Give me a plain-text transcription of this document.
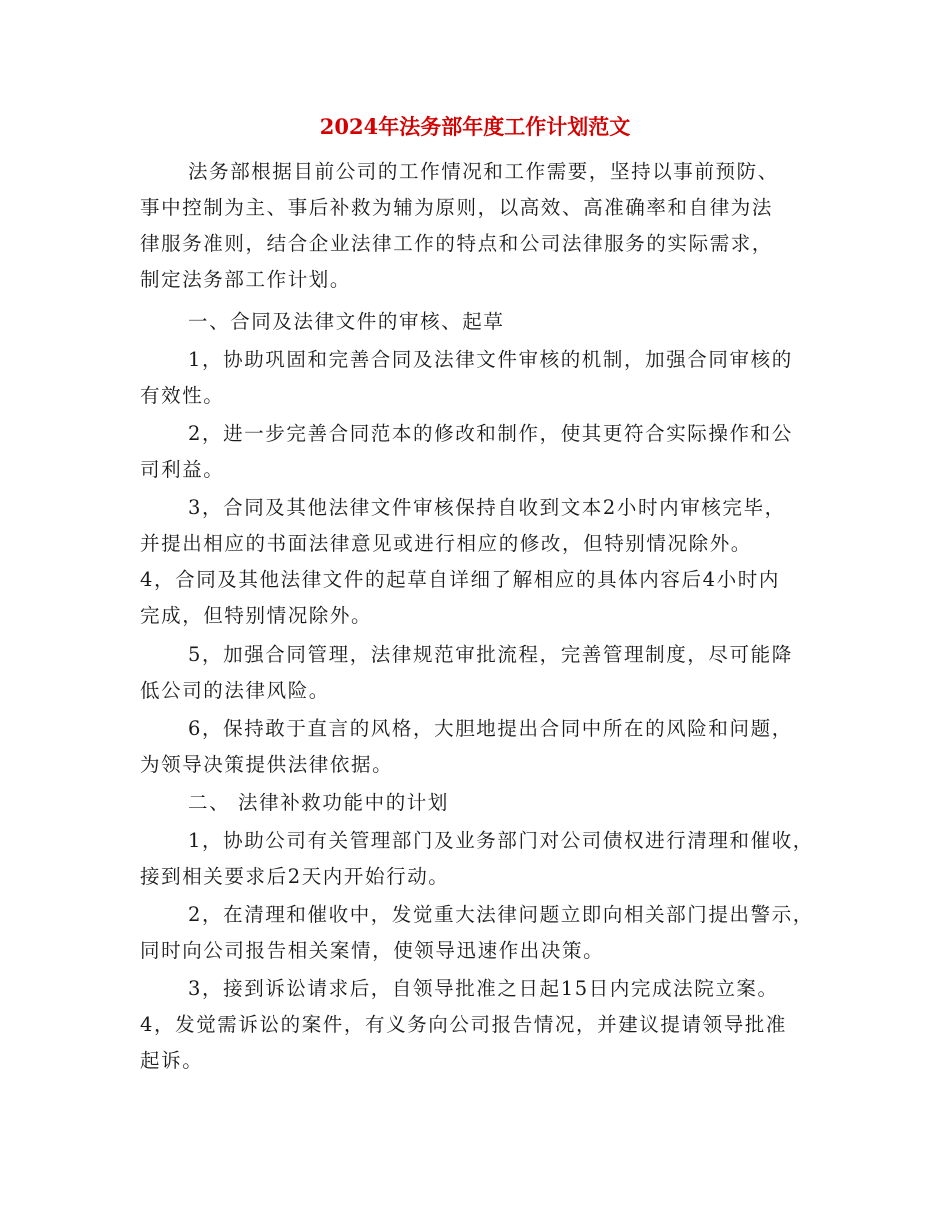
2024年法务部年度工作计划范文

法务部根据目前公司的工作情况和工作需要，坚持以事前预防、

事中控制为主、事后补救为辅为原则，以高效、高准确率和自律为法

律服务准则，结合企业法律工作的特点和公司法律服务的实际需求，

制定法务部工作计划。

一、合同及法律文件的审核、起草

1，协助巩固和完善合同及法律文件审核的机制，加强合同审核的

有效性。

2，进一步完善合同范本的修改和制作，使其更符合实际操作和公

司利益。

3，合同及其他法律文件审核保持自收到文本2小时内审核完毕，

并提出相应的书面法律意见或进行相应的修改，但特别情况除外。

4，合同及其他法律文件的起草自详细了解相应的具体内容后4小时内

完成，但特别情况除外。

5，加强合同管理，法律规范审批流程，完善管理制度，尽可能降

低公司的法律风险。

6，保持敢于直言的风格，大胆地提出合同中所在的风险和问题，

为领导决策提供法律依据。

二、 法律补救功能中的计划

1，协助公司有关管理部门及业务部门对公司债权进行清理和催收，

接到相关要求后2天内开始行动。

2，在清理和催收中，发觉重大法律问题立即向相关部门提出警示，

同时向公司报告相关案情，使领导迅速作出决策。

3，接到诉讼请求后，自领导批准之日起15日内完成法院立案。

4，发觉需诉讼的案件，有义务向公司报告情况，并建议提请领导批准

起诉。
